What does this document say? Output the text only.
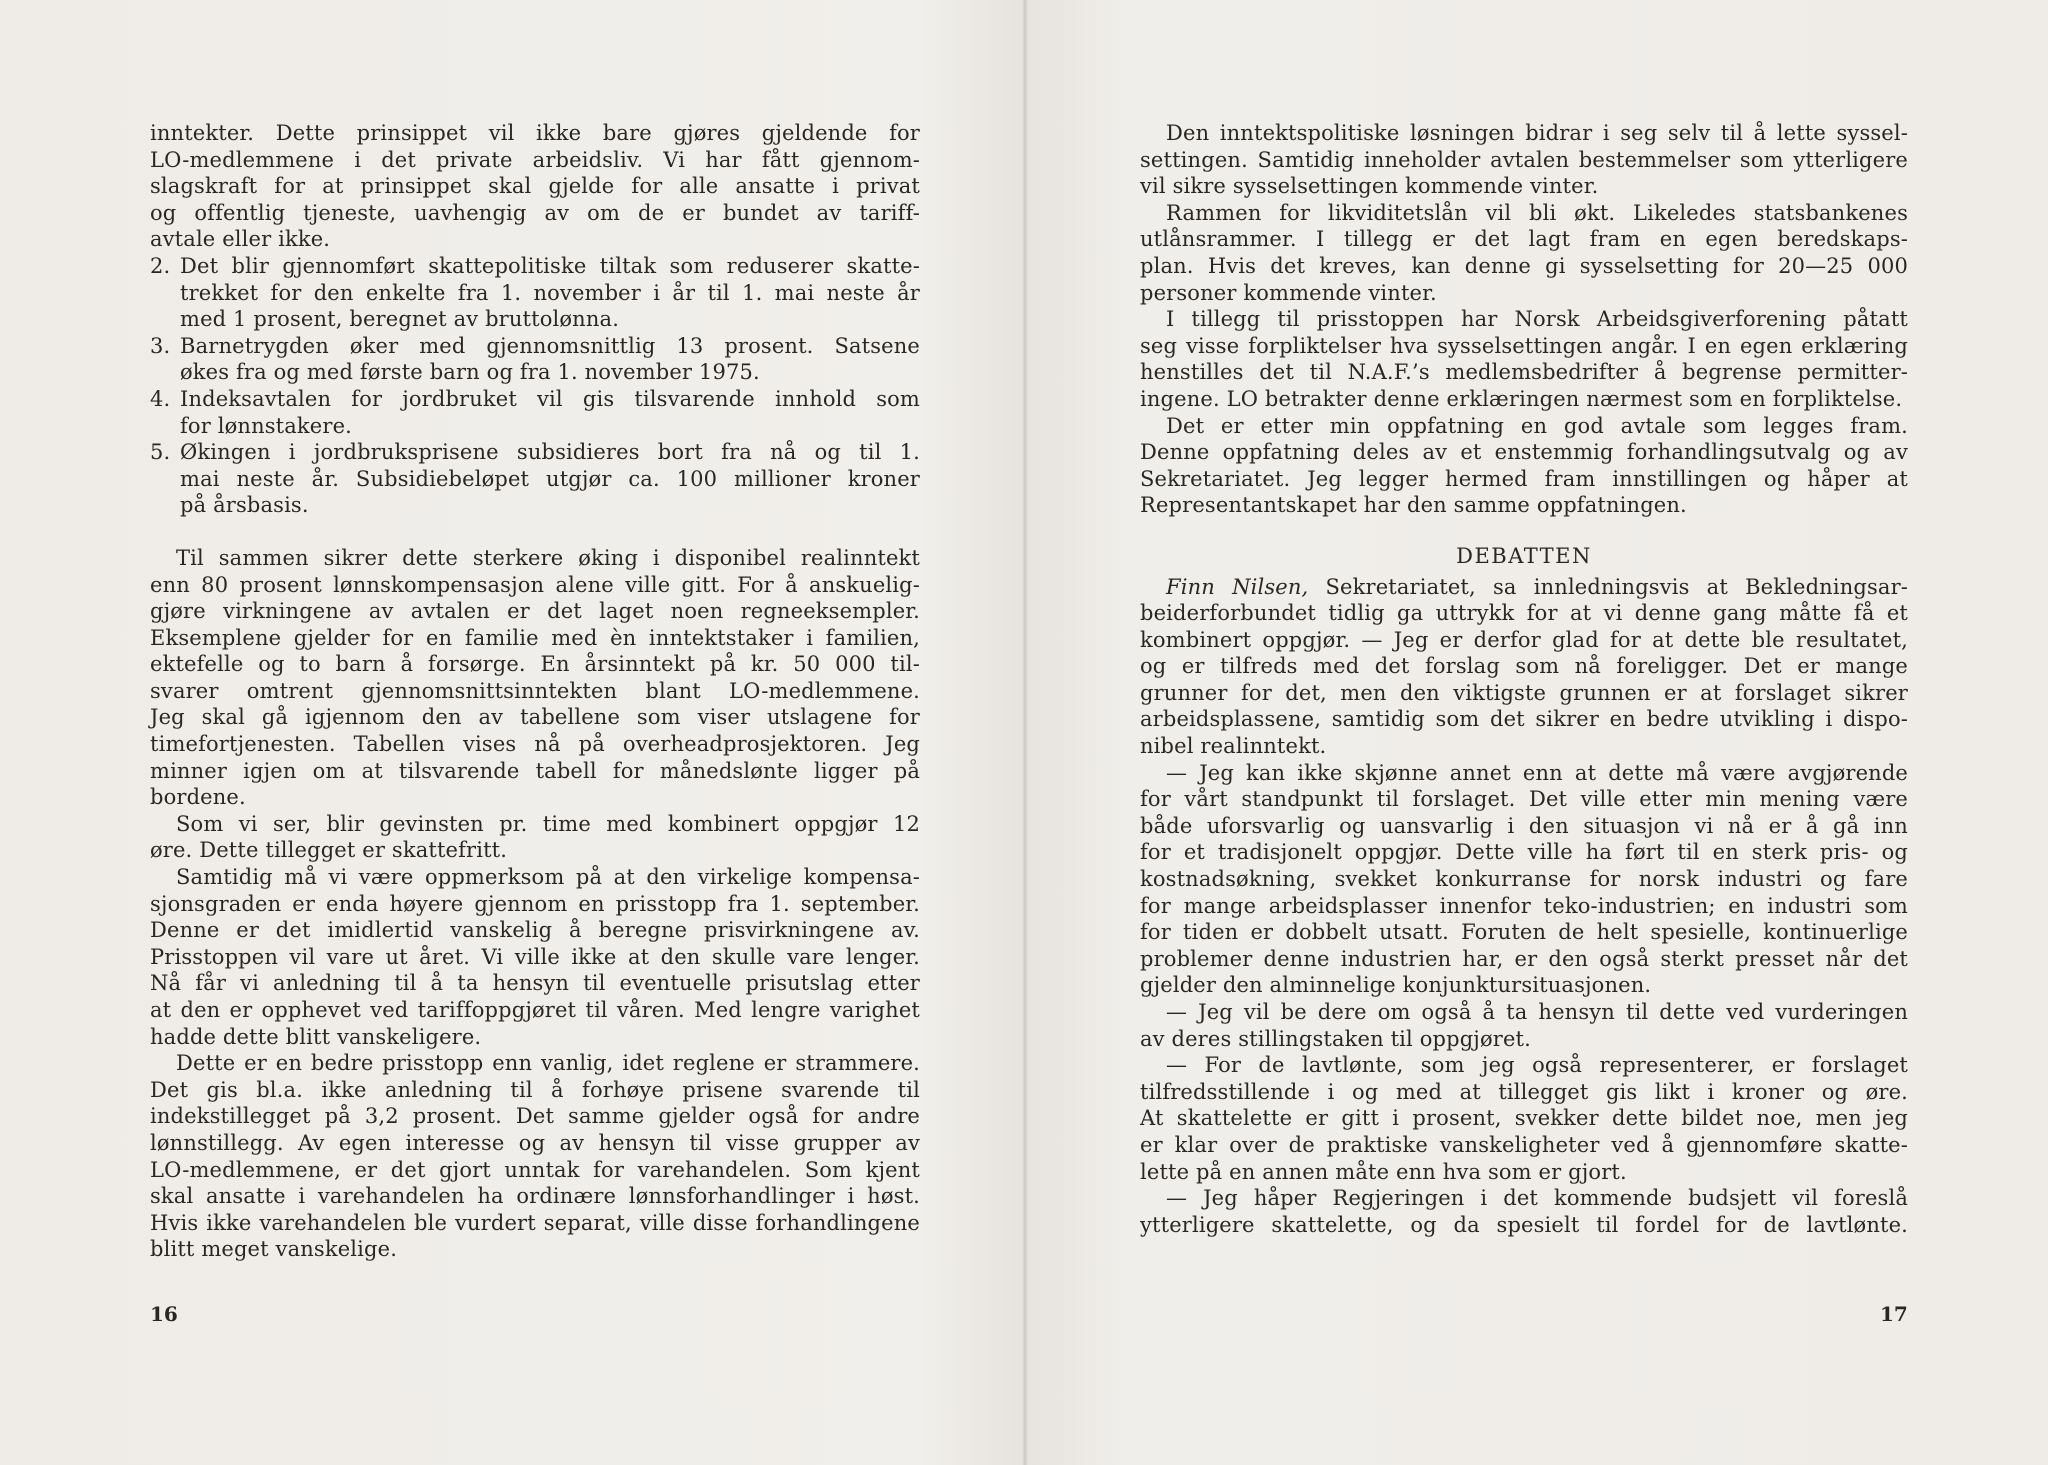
inntekter. Dette prinsippet vil ikke bare gjøres gjeldende for
LO-medlemmene i det private arbeidsliv. Vi har fått gjennom-
slagskraft for at prinsippet skal gjelde for alle ansatte i privat
og offentlig tjeneste, uavhengig av om de er bundet av tariff-
avtale eller ikke.
2. Det blir gjennomført skattepolitiske tiltak som reduserer skatte-
trekket for den enkelte fra 1. november i år til 1. mai neste år
med 1 prosent, beregnet av bruttolønna.
3. Barnetrygden øker med gjennomsnittlig 13 prosent. Satsene
økes fra og med første barn og fra 1. november 1975.
4. Indeksavtalen for jordbruket vil gis tilsvarende innhold som
for lønnstakere.
5. Økingen i jordbruksprisene subsidieres bort fra nå og til 1.
mai neste år. Subsidiebeløpet utgjør ca. 100 millioner kroner
på årsbasis.
Til sammen sikrer dette sterkere øking i disponibel realinntekt
enn 80 prosent lønnskompensasjon alene ville gitt. For å anskuelig-
gjøre virkningene av avtalen er det laget noen regneeksempler.
Eksemplene gjelder for en familie med èn inntektstaker i familien,
ektefelle og to barn å forsørge. En årsinntekt på kr. 50 000 til-
svarer omtrent gjennomsnittsinntekten blant LO-medlemmene.
Jeg skal gå igjennom den av tabellene som viser utslagene for
timefortjenesten. Tabellen vises nå på overheadprosjektoren. Jeg
minner igjen om at tilsvarende tabell for månedslønte ligger på
bordene.
Som vi ser, blir gevinsten pr. time med kombinert oppgjør 12
øre. Dette tillegget er skattefritt.
Samtidig må vi være oppmerksom på at den virkelige kompensa-
sjonsgraden er enda høyere gjennom en prisstopp fra 1. september.
Denne er det imidlertid vanskelig å beregne prisvirkningene av.
Prisstoppen vil vare ut året. Vi ville ikke at den skulle vare lenger.
Nå får vi anledning til å ta hensyn til eventuelle prisutslag etter
at den er opphevet ved tariffoppgjøret til våren. Med lengre varighet
hadde dette blitt vanskeligere.
Dette er en bedre prisstopp enn vanlig, idet reglene er strammere.
Det gis bl.a. ikke anledning til å forhøye prisene svarende til
indekstillegget på 3,2 prosent. Det samme gjelder også for andre
lønnstillegg. Av egen interesse og av hensyn til visse grupper av
LO-medlemmene, er det gjort unntak for varehandelen. Som kjent
skal ansatte i varehandelen ha ordinære lønnsforhandlinger i høst.
Hvis ikke varehandelen ble vurdert separat, ville disse forhandlingene
blitt meget vanskelige.
16
Den inntektspolitiske løsningen bidrar i seg selv til å lette syssel-
settingen. Samtidig inneholder avtalen bestemmelser som ytterligere
vil sikre sysselsettingen kommende vinter.
Rammen for likviditetslån vil bli økt. Likeledes statsbankenes
utlånsrammer. I tillegg er det lagt fram en egen beredskaps-
plan. Hvis det kreves, kan denne gi sysselsetting for 20—25 000
personer kommende vinter.
I tillegg til prisstoppen har Norsk Arbeidsgiverforening påtatt
seg visse forpliktelser hva sysselsettingen angår. I en egen erklæring
henstilles det til N.A.F.’s medlemsbedrifter å begrense permitter-
ingene. LO betrakter denne erklæringen nærmest som en forpliktelse.
Det er etter min oppfatning en god avtale som legges fram.
Denne oppfatning deles av et enstemmig forhandlingsutvalg og av
Sekretariatet. Jeg legger hermed fram innstillingen og håper at
Representantskapet har den samme oppfatningen.
DEBATTEN
Finn Nilsen, Sekretariatet, sa innledningsvis at Bekledningsar-
beiderforbundet tidlig ga uttrykk for at vi denne gang måtte få et
kombinert oppgjør. — Jeg er derfor glad for at dette ble resultatet,
og er tilfreds med det forslag som nå foreligger. Det er mange
grunner for det, men den viktigste grunnen er at forslaget sikrer
arbeidsplassene, samtidig som det sikrer en bedre utvikling i dispo-
nibel realinntekt.
— Jeg kan ikke skjønne annet enn at dette må være avgjørende
for vårt standpunkt til forslaget. Det ville etter min mening være
både uforsvarlig og uansvarlig i den situasjon vi nå er å gå inn
for et tradisjonelt oppgjør. Dette ville ha ført til en sterk pris- og
kostnadsøkning, svekket konkurranse for norsk industri og fare
for mange arbeidsplasser innenfor teko-industrien; en industri som
for tiden er dobbelt utsatt. Foruten de helt spesielle, kontinuerlige
problemer denne industrien har, er den også sterkt presset når det
gjelder den alminnelige konjunktursituasjonen.
— Jeg vil be dere om også å ta hensyn til dette ved vurderingen
av deres stillingstaken til oppgjøret.
— For de lavtlønte, som jeg også representerer, er forslaget
tilfredsstillende i og med at tillegget gis likt i kroner og øre.
At skattelette er gitt i prosent, svekker dette bildet noe, men jeg
er klar over de praktiske vanskeligheter ved å gjennomføre skatte-
lette på en annen måte enn hva som er gjort.
— Jeg håper Regjeringen i det kommende budsjett vil foreslå
ytterligere skattelette, og da spesielt til fordel for de lavtlønte.
17
